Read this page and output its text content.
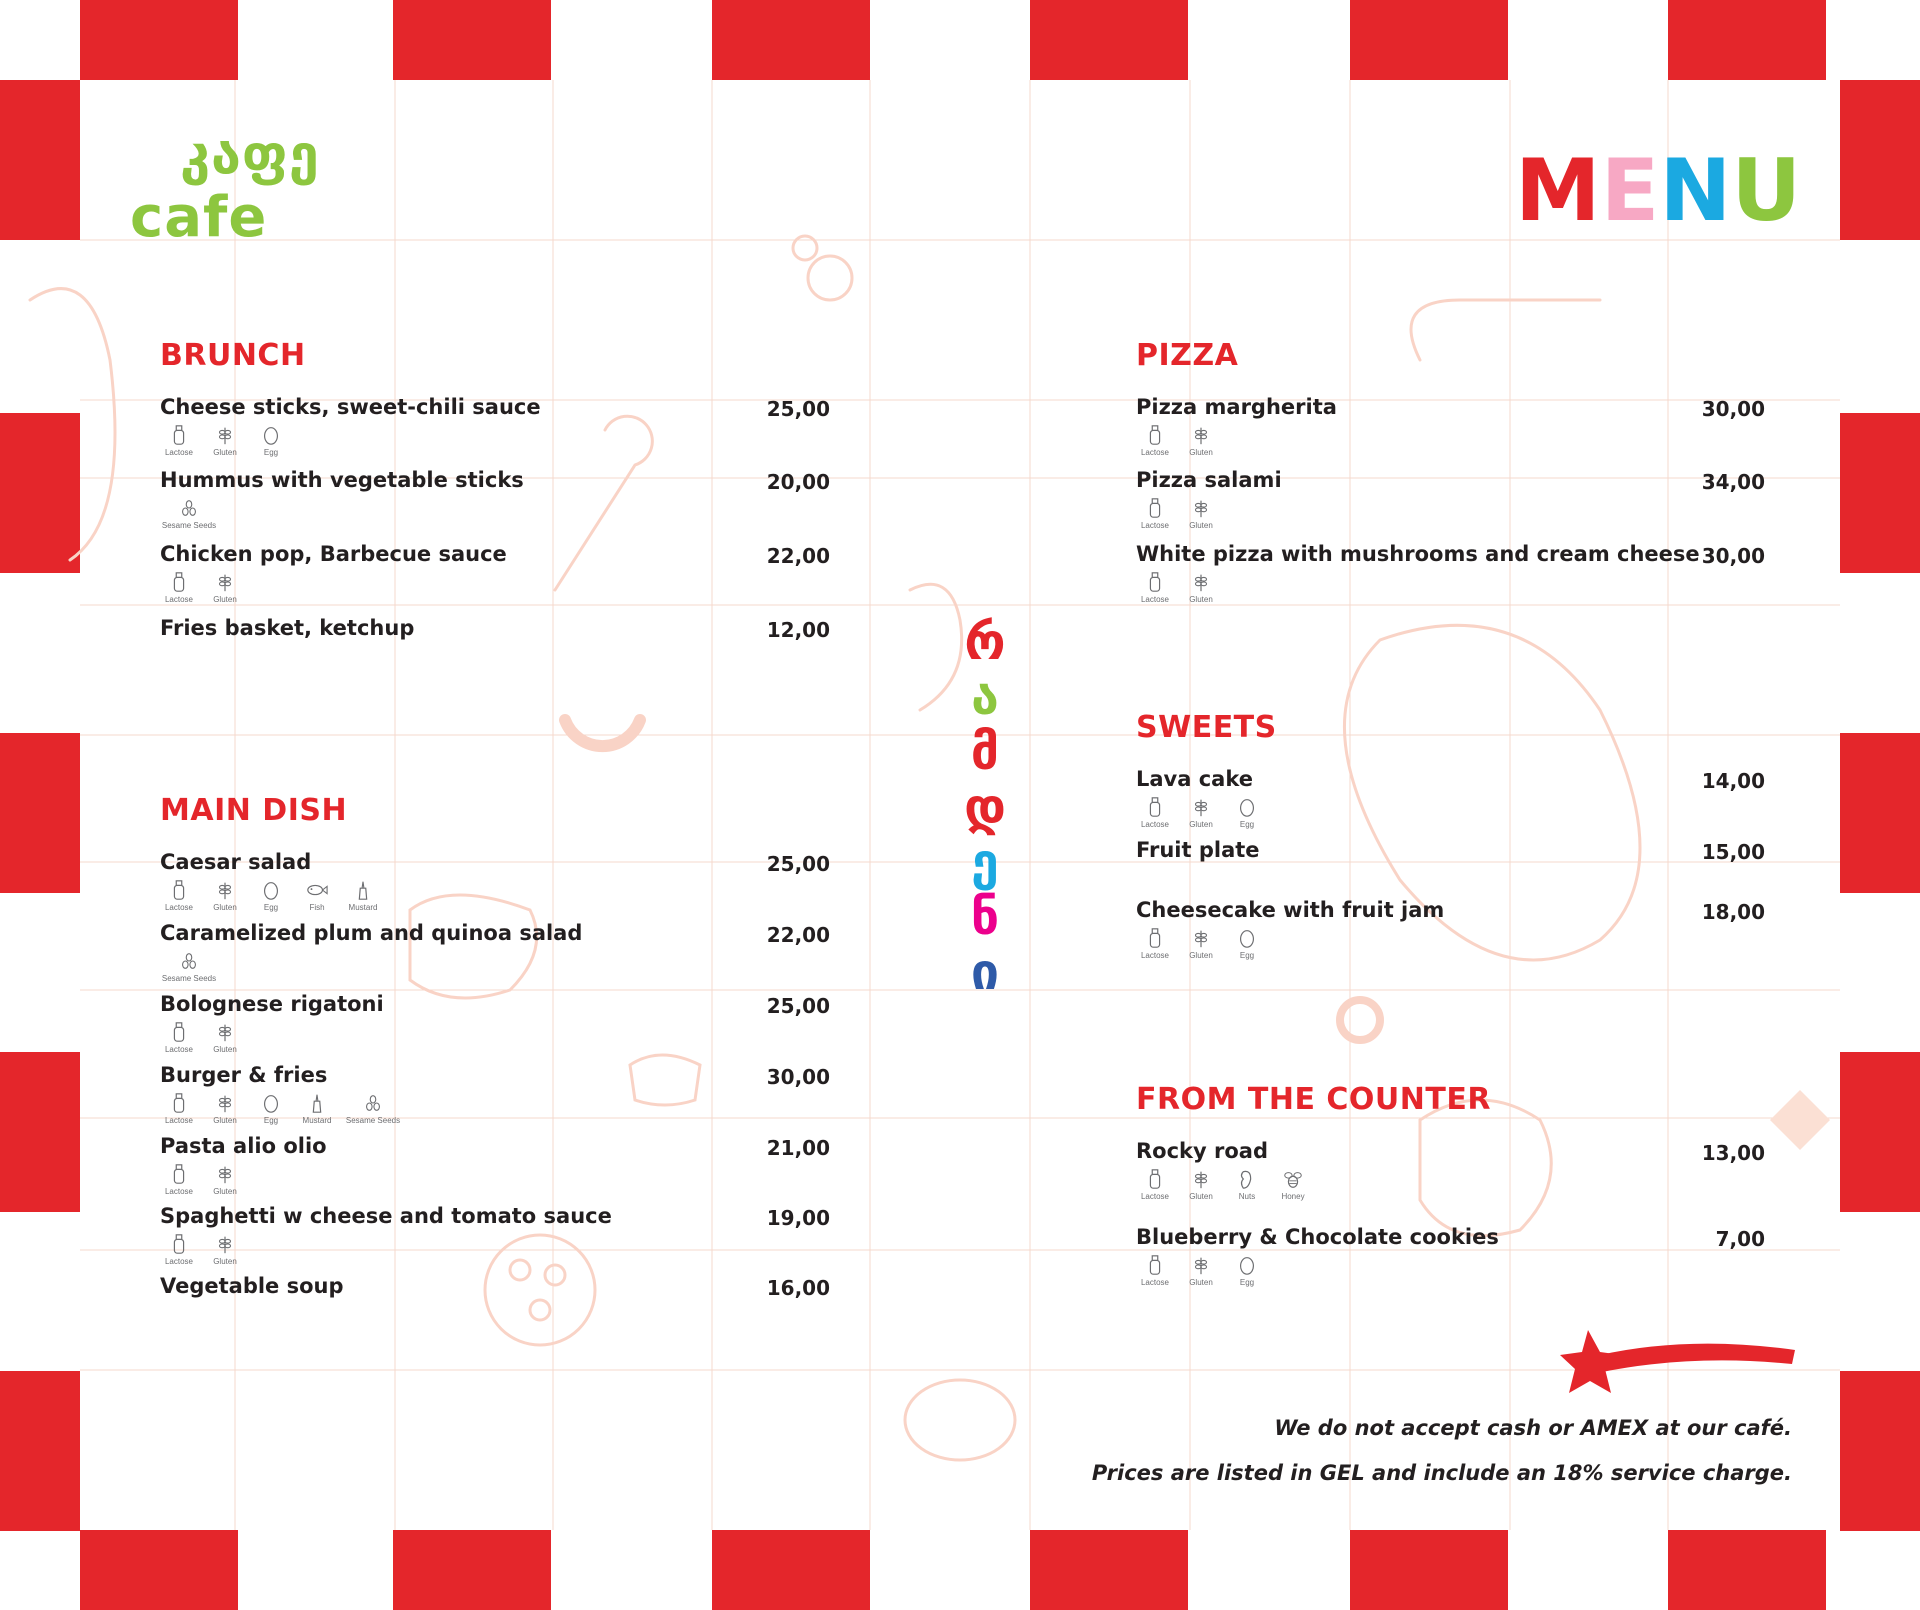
კაფე
cafe	M E N U
რ
ა
მ
დ
ე
ნ
ი
BRUNCH
Cheese sticks, sweet-chili sauce	25,00
Lactose	Gluten	Egg
Hummus with vegetable sticks	20,00
Sesame Seeds
Chicken pop, Barbecue sauce	22,00
Lactose	Gluten
Fries basket, ketchup	12,00
MAIN DISH
Caesar salad	25,00
Lactose	Gluten	Egg	Fish	Mustard
Caramelized plum and quinoa salad	22,00
Sesame Seeds
Bolognese rigatoni	25,00
Lactose	Gluten
Burger & fries	30,00
Lactose	Gluten	Egg	Mustard Sesame Seeds
Pasta alio olio	21,00
Lactose	Gluten
Spaghetti w cheese and tomato sauce	19,00
Lactose	Gluten
Vegetable soup	16,00
PIZZA
Pizza margherita	30,00
Lactose	Gluten
Pizza salami	34,00
Lactose	Gluten
White pizza with mushrooms and cream cheese 30,00
Lactose	Gluten
SWEETS
Lava cake	14,00
Lactose	Gluten	Egg
Fruit plate	15,00
Cheesecake with fruit jam	18,00
Lactose	Gluten	Egg
FROM THE COUNTER
Rocky road	13,00
Lactose	Gluten	Nuts	Honey
Blueberry & Chocolate cookies	7,00
Lactose	Gluten	Egg
We do not accept cash or AMEX at our café.
Prices are listed in GEL and include an 18% service charge.
